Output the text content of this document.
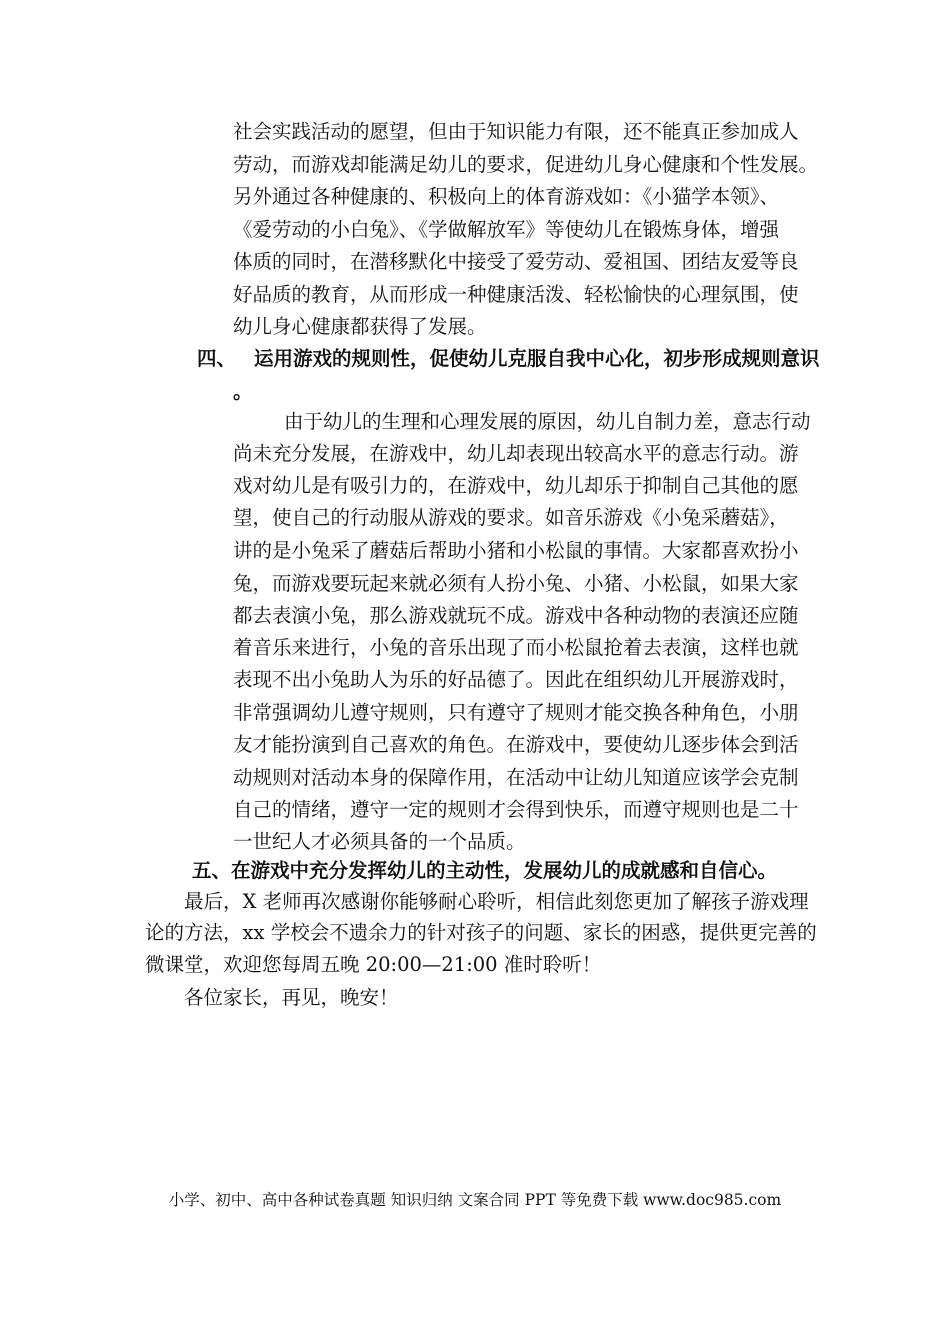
社会实践活动的愿望，但由于知识能力有限，还不能真正参加成人
劳动，而游戏却能满足幼儿的要求，促进幼儿身心健康和个性发展。
另外通过各种健康的、积极向上的体育游戏如：《小猫学本领》、
《爱劳动的小白兔》、《学做解放军》等使幼儿在锻炼身体，增强
体质的同时，在潜移默化中接受了爱劳动、爱祖国、团结友爱等良
好品质的教育，从而形成一种健康活泼、轻松愉快的心理氛围，使
幼儿身心健康都获得了发展。
四、 运用游戏的规则性，促使幼儿克服自我中心化，初步形成规则意识
。
由于幼儿的生理和心理发展的原因，幼儿自制力差，意志行动
尚未充分发展，在游戏中，幼儿却表现出较高水平的意志行动。游
戏对幼儿是有吸引力的，在游戏中，幼儿却乐于抑制自己其他的愿
望，使自己的行动服从游戏的要求。如音乐游戏《小兔采蘑菇》，
讲的是小兔采了蘑菇后帮助小猪和小松鼠的事情。大家都喜欢扮小
兔，而游戏要玩起来就必须有人扮小兔、小猪、小松鼠，如果大家
都去表演小兔，那么游戏就玩不成。游戏中各种动物的表演还应随
着音乐来进行，小兔的音乐出现了而小松鼠抢着去表演，这样也就
表现不出小兔助人为乐的好品德了。因此在组织幼儿开展游戏时，
非常强调幼儿遵守规则，只有遵守了规则才能交换各种角色，小朋
友才能扮演到自己喜欢的角色。在游戏中，要使幼儿逐步体会到活
动规则对活动本身的保障作用，在活动中让幼儿知道应该学会克制
自己的情绪，遵守一定的规则才会得到快乐，而遵守规则也是二十
一世纪人才必须具备的一个品质。
五、在游戏中充分发挥幼儿的主动性，发展幼儿的成就感和自信心。
最后，X 老师再次感谢你能够耐心聆听，相信此刻您更加了解孩子游戏理
论的方法，xx 学校会不遗余力的针对孩子的问题、家长的困惑，提供更完善的
微课堂，欢迎您每周五晚 20:00—21:00 准时聆听！
各位家长，再见，晚安！
小学、初中、高中各种试卷真题 知识归纳 文案合同 PPT 等免费下载 www.doc985.com
